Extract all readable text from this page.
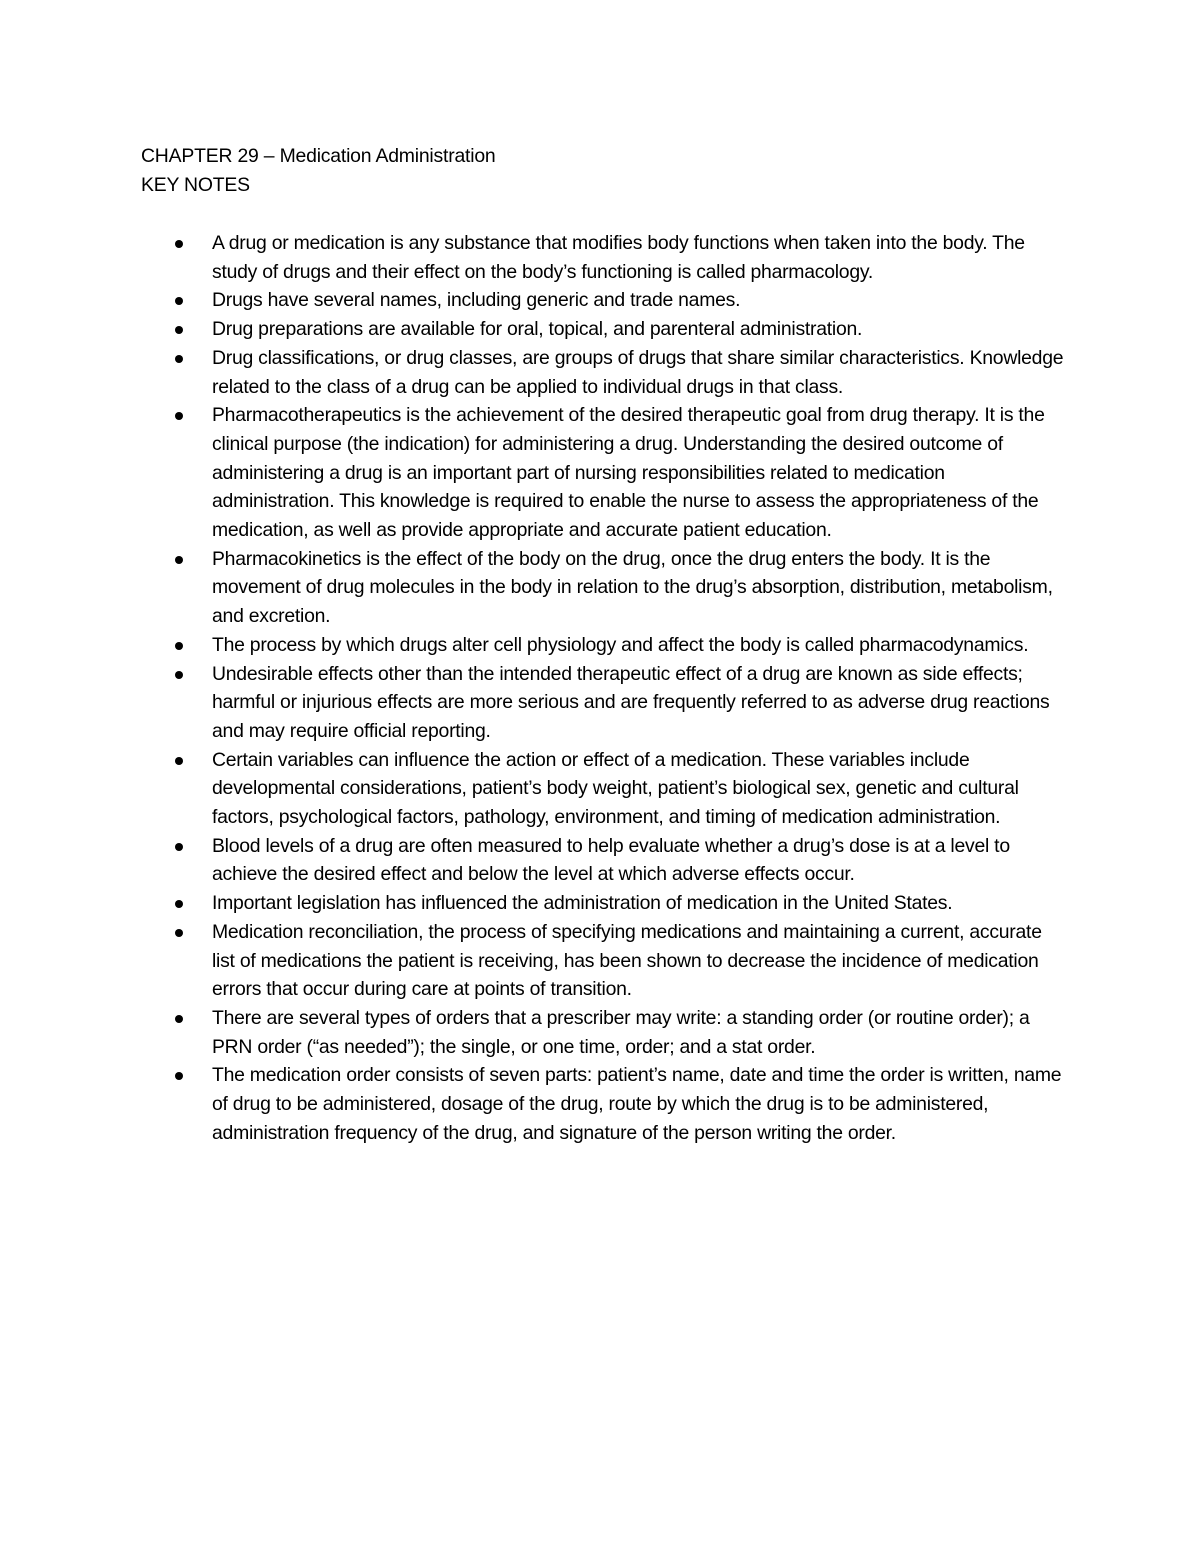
CHAPTER 29 – Medication Administration

KEY NOTES

A drug or medication is any substance that modifies body functions when taken into the body. The study of drugs and their effect on the body’s functioning is called pharmacology.
Drugs have several names, including generic and trade names.
Drug preparations are available for oral, topical, and parenteral administration.
Drug classifications, or drug classes, are groups of drugs that share similar characteristics. Knowledge related to the class of a drug can be applied to individual drugs in that class.
Pharmacotherapeutics is the achievement of the desired therapeutic goal from drug therapy. It is the clinical purpose (the indication) for administering a drug. Understanding the desired outcome of administering a drug is an important part of nursing responsibilities related to medication administration. This knowledge is required to enable the nurse to assess the appropriateness of the medication, as well as provide appropriate and accurate patient education.
Pharmacokinetics is the effect of the body on the drug, once the drug enters the body. It is the movement of drug molecules in the body in relation to the drug’s absorption, distribution, metabolism, and excretion.
The process by which drugs alter cell physiology and affect the body is called pharmacodynamics.
Undesirable effects other than the intended therapeutic effect of a drug are known as side effects; harmful or injurious effects are more serious and are frequently referred to as adverse drug reactions and may require official reporting.
Certain variables can influence the action or effect of a medication. These variables include developmental considerations, patient’s body weight, patient’s biological sex, genetic and cultural factors, psychological factors, pathology, environment, and timing of medication administration.
Blood levels of a drug are often measured to help evaluate whether a drug’s dose is at a level to achieve the desired effect and below the level at which adverse effects occur.
Important legislation has influenced the administration of medication in the United States.
Medication reconciliation, the process of specifying medications and maintaining a current, accurate list of medications the patient is receiving, has been shown to decrease the incidence of medication errors that occur during care at points of transition.
There are several types of orders that a prescriber may write: a standing order (or routine order); a PRN order (“as needed”); the single, or one time, order; and a stat order.
The medication order consists of seven parts: patient’s name, date and time the order is written, name of drug to be administered, dosage of the drug, route by which the drug is to be administered, administration frequency of the drug, and signature of the person writing the order.
